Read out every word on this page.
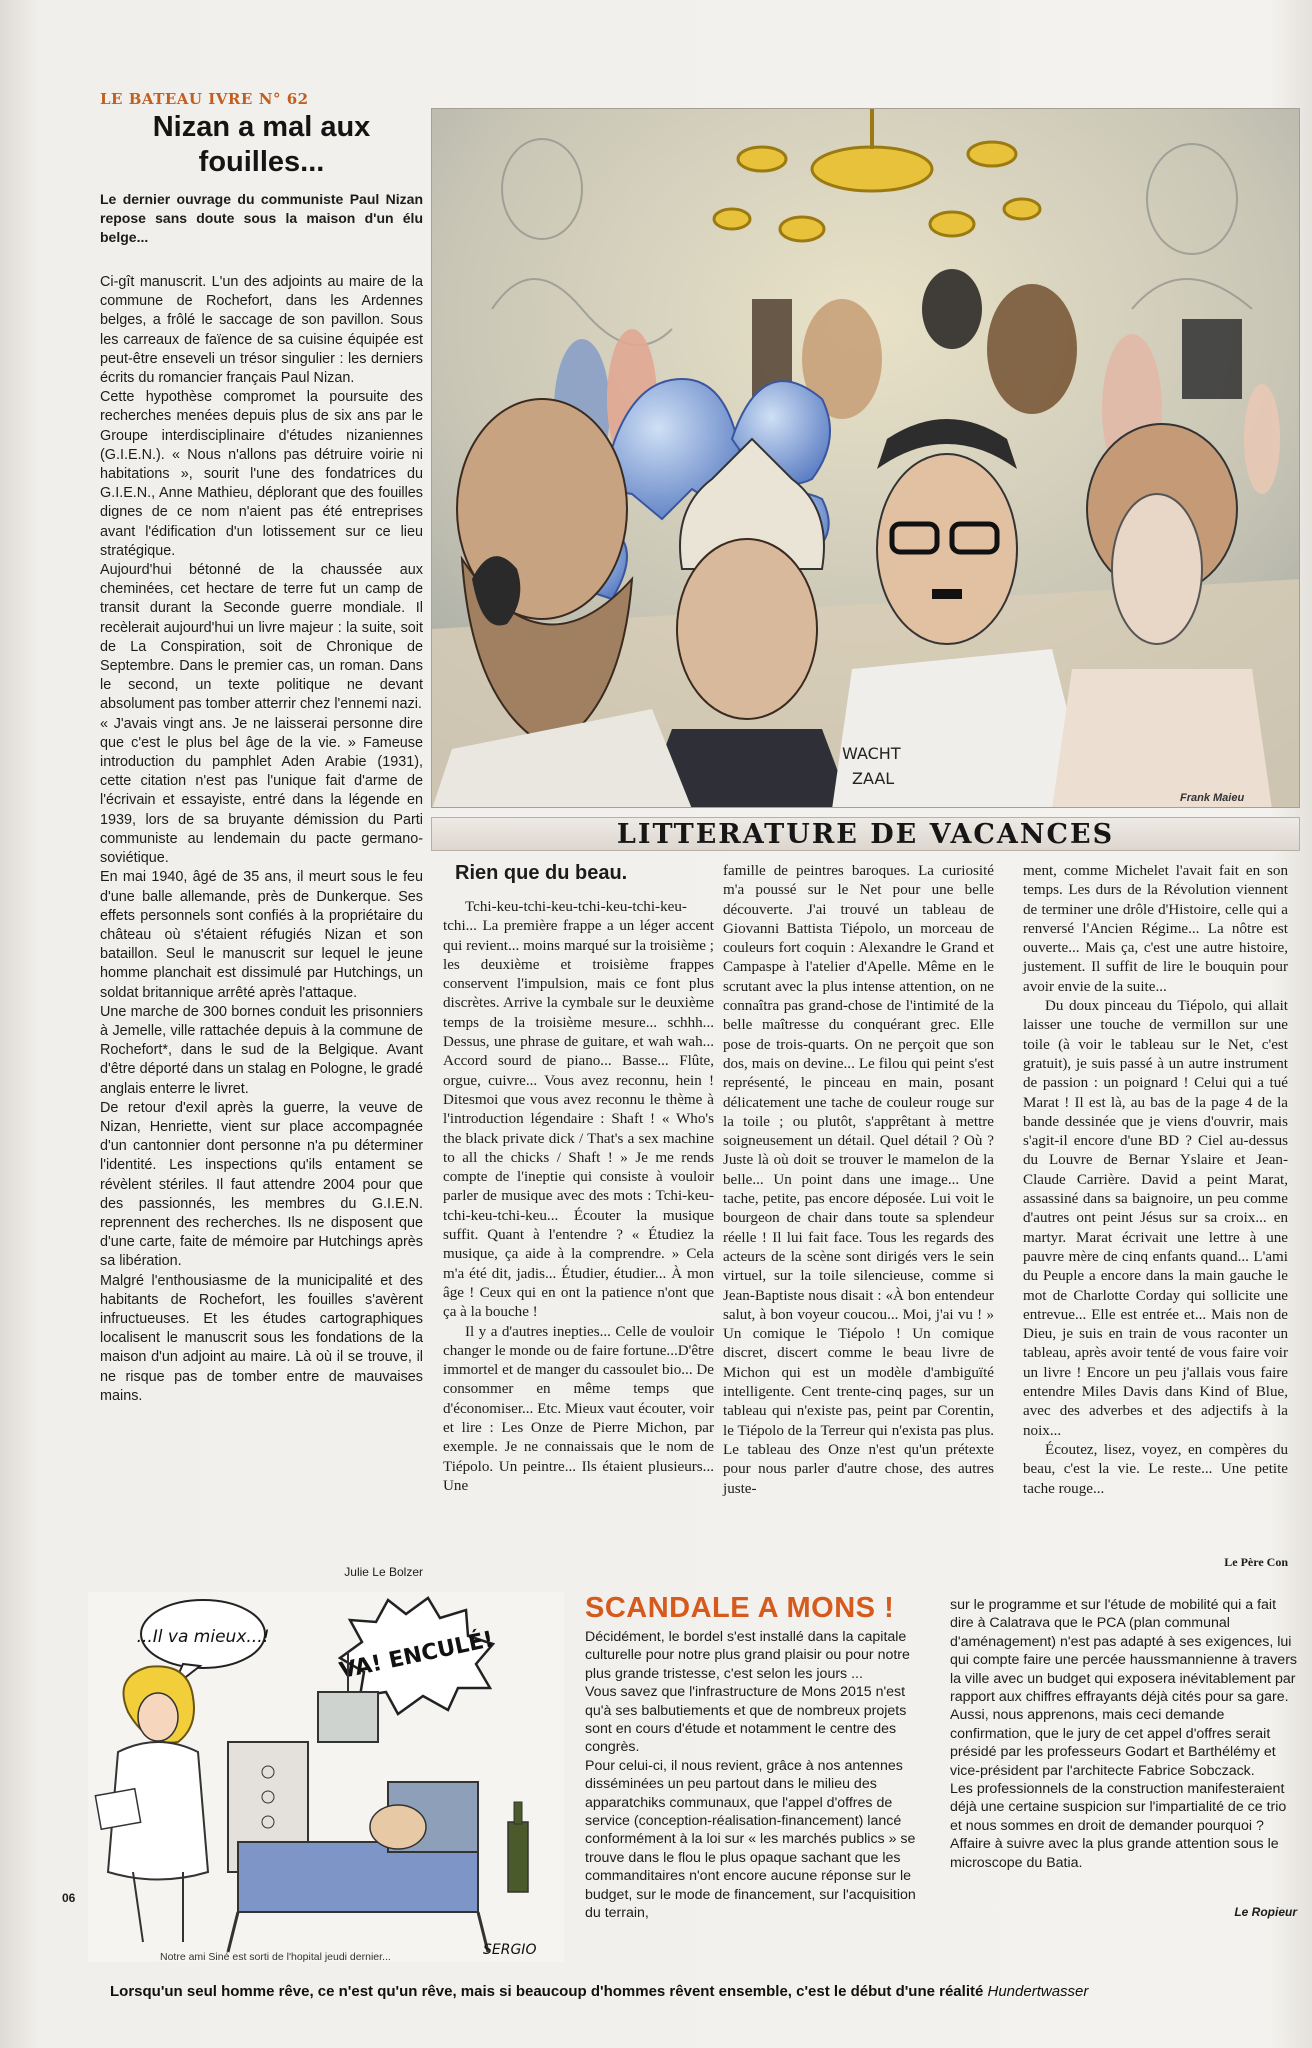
LE BATEAU IVRE N° 62
Nizan a mal aux fouilles...
Le dernier ouvrage du communiste Paul Nizan repose sans doute sous la maison d'un élu belge...

Ci-gît manuscrit. L'un des adjoints au maire de la commune de Rochefort, dans les Ardennes belges, a frôlé le saccage de son pavillon. Sous les carreaux de faïence de sa cuisine équipée est peut-être enseveli un trésor singulier : les derniers écrits du romancier français Paul Nizan.

Cette hypothèse compromet la poursuite des recherches menées depuis plus de six ans par le Groupe interdisciplinaire d'études nizaniennes (G.I.E.N.). « Nous n'allons pas détruire voirie ni habitations », sourit l'une des fondatrices du G.I.E.N., Anne Mathieu, déplorant que des fouilles dignes de ce nom n'aient pas été entreprises avant l'édification d'un lotissement sur ce lieu stratégique.

Aujourd'hui bétonné de la chaussée aux cheminées, cet hectare de terre fut un camp de transit durant la Seconde guerre mondiale. Il recèlerait aujourd'hui un livre majeur : la suite, soit de La Conspiration, soit de Chronique de Septembre. Dans le premier cas, un roman. Dans le second, un texte politique ne devant absolument pas tomber atterrir chez l'ennemi nazi.

« J'avais vingt ans. Je ne laisserai personne dire que c'est le plus bel âge de la vie. » Fameuse introduction du pamphlet Aden Arabie (1931), cette citation n'est pas l'unique fait d'arme de l'écrivain et essayiste, entré dans la légende en 1939, lors de sa bruyante démission du Parti communiste au lendemain du pacte germano-soviétique.

En mai 1940, âgé de 35 ans, il meurt sous le feu d'une balle allemande, près de Dunkerque. Ses effets personnels sont confiés à la propriétaire du château où s'étaient réfugiés Nizan et son bataillon. Seul le manuscrit sur lequel le jeune homme planchait est dissimulé par Hutchings, un soldat britannique arrêté après l'attaque.

Une marche de 300 bornes conduit les prisonniers à Jemelle, ville rattachée depuis à la commune de Rochefort*, dans le sud de la Belgique. Avant d'être déporté dans un stalag en Pologne, le gradé anglais enterre le livret.

De retour d'exil après la guerre, la veuve de Nizan, Henriette, vient sur place accompagnée d'un cantonnier dont personne n'a pu déterminer l'identité. Les inspections qu'ils entament se révèlent stériles. Il faut attendre 2004 pour que des passionnés, les membres du G.I.E.N. reprennent des recherches. Ils ne disposent que d'une carte, faite de mémoire par Hutchings après sa libération.

Malgré l'enthousiasme de la municipalité et des habitants de Rochefort, les fouilles s'avèrent infructueuses. Et les études cartographiques localisent le manuscrit sous les fondations de la maison d'un adjoint au maire. Là où il se trouve, il ne risque pas de tomber entre de mauvaises mains.

Julie Le Bolzer
WACHT
ZAAL
Frank Maieu
LITTERATURE DE VACANCES
Rien que du beau.

Tchi-keu-tchi-keu-tchi-keu-tchi-keu-tchi... La première frappe a un léger accent qui revient... moins marqué sur la troisième ; les deuxième et troisième frappes conservent l'impulsion, mais ce font plus discrètes. Arrive la cymbale sur le deuxième temps de la troisième mesure... schhh... Dessus, une phrase de guitare, et wah wah... Accord sourd de piano... Basse... Flûte, orgue, cuivre... Vous avez reconnu, hein ! Ditesmoi que vous avez reconnu le thème à l'introduction légendaire : Shaft ! « Who's the black private dick / That's a sex machine to all the chicks / Shaft ! » Je me rends compte de l'ineptie qui consiste à vouloir parler de musique avec des mots : Tchi-keu-tchi-keu-tchi-keu... Écouter la musique suffit. Quant à l'entendre ? « Étudiez la musique, ça aide à la comprendre. » Cela m'a été dit, jadis... Étudier, étudier... À mon âge ! Ceux qui en ont la patience n'ont que ça à la bouche !

Il y a d'autres inepties... Celle de vouloir changer le monde ou de faire fortune...D'être immortel et de manger du cassoulet bio... De consommer en même temps que d'économiser... Etc. Mieux vaut écouter, voir et lire : Les Onze de Pierre Michon, par exemple. Je ne connaissais que le nom de Tiépolo. Un peintre... Ils étaient plusieurs... Une

famille de peintres baroques. La curiosité m'a poussé sur le Net pour une belle découverte. J'ai trouvé un tableau de Giovanni Battista Tiépolo, un morceau de couleurs fort coquin : Alexandre le Grand et Campaspe à l'atelier d'Apelle. Même en le scrutant avec la plus intense attention, on ne connaîtra pas grand-chose de l'intimité de la belle maîtresse du conquérant grec. Elle pose de trois-quarts. On ne perçoit que son dos, mais on devine... Le filou qui peint s'est représenté, le pinceau en main, posant délicatement une tache de couleur rouge sur la toile ; ou plutôt, s'apprêtant à mettre soigneusement un détail. Quel détail ? Où ? Juste là où doit se trouver le mamelon de la belle... Un point dans une image... Une tache, petite, pas encore déposée. Lui voit le bourgeon de chair dans toute sa splendeur réelle ! Il lui fait face. Tous les regards des acteurs de la scène sont dirigés vers le sein virtuel, sur la toile silencieuse, comme si Jean-Baptiste nous disait : «À bon entendeur salut, à bon voyeur coucou... Moi, j'ai vu ! » Un comique le Tiépolo ! Un comique discret, discert comme le beau livre de Michon qui est un modèle d'ambiguïté intelligente. Cent trente-cinq pages, sur un tableau qui n'existe pas, peint par Corentin, le Tiépolo de la Terreur qui n'exista pas plus. Le tableau des Onze n'est qu'un prétexte pour nous parler d'autre chose, des autres juste-

ment, comme Michelet l'avait fait en son temps. Les durs de la Révolution viennent de terminer une drôle d'Histoire, celle qui a renversé l'Ancien Régime... La nôtre est ouverte... Mais ça, c'est une autre histoire, justement. Il suffit de lire le bouquin pour avoir envie de la suite...

Du doux pinceau du Tiépolo, qui allait laisser une touche de vermillon sur une toile (à voir le tableau sur le Net, c'est gratuit), je suis passé à un autre instrument de passion : un poignard ! Celui qui a tué Marat ! Il est là, au bas de la page 4 de la bande dessinée que je viens d'ouvrir, mais s'agit-il encore d'une BD ? Ciel au-dessus du Louvre de Bernar Yslaire et Jean-Claude Carrière. David a peint Marat, assassiné dans sa baignoire, un peu comme d'autres ont peint Jésus sur sa croix... en martyr. Marat écrivait une lettre à une pauvre mère de cinq enfants quand... L'ami du Peuple a encore dans la main gauche le mot de Charlotte Corday qui sollicite une entrevue... Elle est entrée et... Mais non de Dieu, je suis en train de vous raconter un tableau, après avoir tenté de vous faire voir un livre ! Encore un peu j'allais vous faire entendre Miles Davis dans Kind of Blue, avec des adverbes et des adjectifs à la noix...

Écoutez, lisez, voyez, en compères du beau, c'est la vie. Le reste... Une petite tache rouge...

Le Père Con
...Il va mieux...!	VA! ENCULÉ!
SERGIO
Notre ami Siné est sorti de l'hopital jeudi dernier...
06
SCANDALE A MONS !

Décidément, le bordel s'est installé dans la capitale culturelle pour notre plus grand plaisir ou pour notre plus grande tristesse, c'est selon les jours ...

Vous savez que l'infrastructure de Mons 2015 n'est qu'à ses balbutiements et que de nombreux projets sont en cours d'étude et notamment le centre des congrès.

Pour celui-ci, il nous revient, grâce à nos antennes disséminées un peu partout dans le milieu des apparatchiks communaux, que l'appel d'offres de service (conception-réalisation-financement) lancé conformément à la loi sur « les marchés publics » se trouve dans le flou le plus opaque sachant que les commanditaires n'ont encore aucune réponse sur le budget, sur le mode de financement, sur l'acquisition du terrain,

sur le programme et sur l'étude de mobilité qui a fait dire à Calatrava que le PCA (plan communal d'aménagement) n'est pas adapté à ses exigences, lui qui compte faire une percée haussmannienne à travers la ville avec un budget qui exposera inévitablement par rapport aux chiffres effrayants déjà cités pour sa gare.

Aussi, nous apprenons, mais ceci demande confirmation, que le jury de cet appel d'offres serait présidé par les professeurs Godart et Barthélémy et vice-président par l'architecte Fabrice Sobczack.

Les professionnels de la construction manifesteraient déjà une certaine suspicion sur l'impartialité de ce trio et nous sommes en droit de demander pourquoi ?

Affaire à suivre avec la plus grande attention sous le microscope du Batia.

Le Ropieur
Lorsqu'un seul homme rêve, ce n'est qu'un rêve, mais si beaucoup d'hommes rêvent ensemble, c'est le début d'une réalité Hundertwasser
